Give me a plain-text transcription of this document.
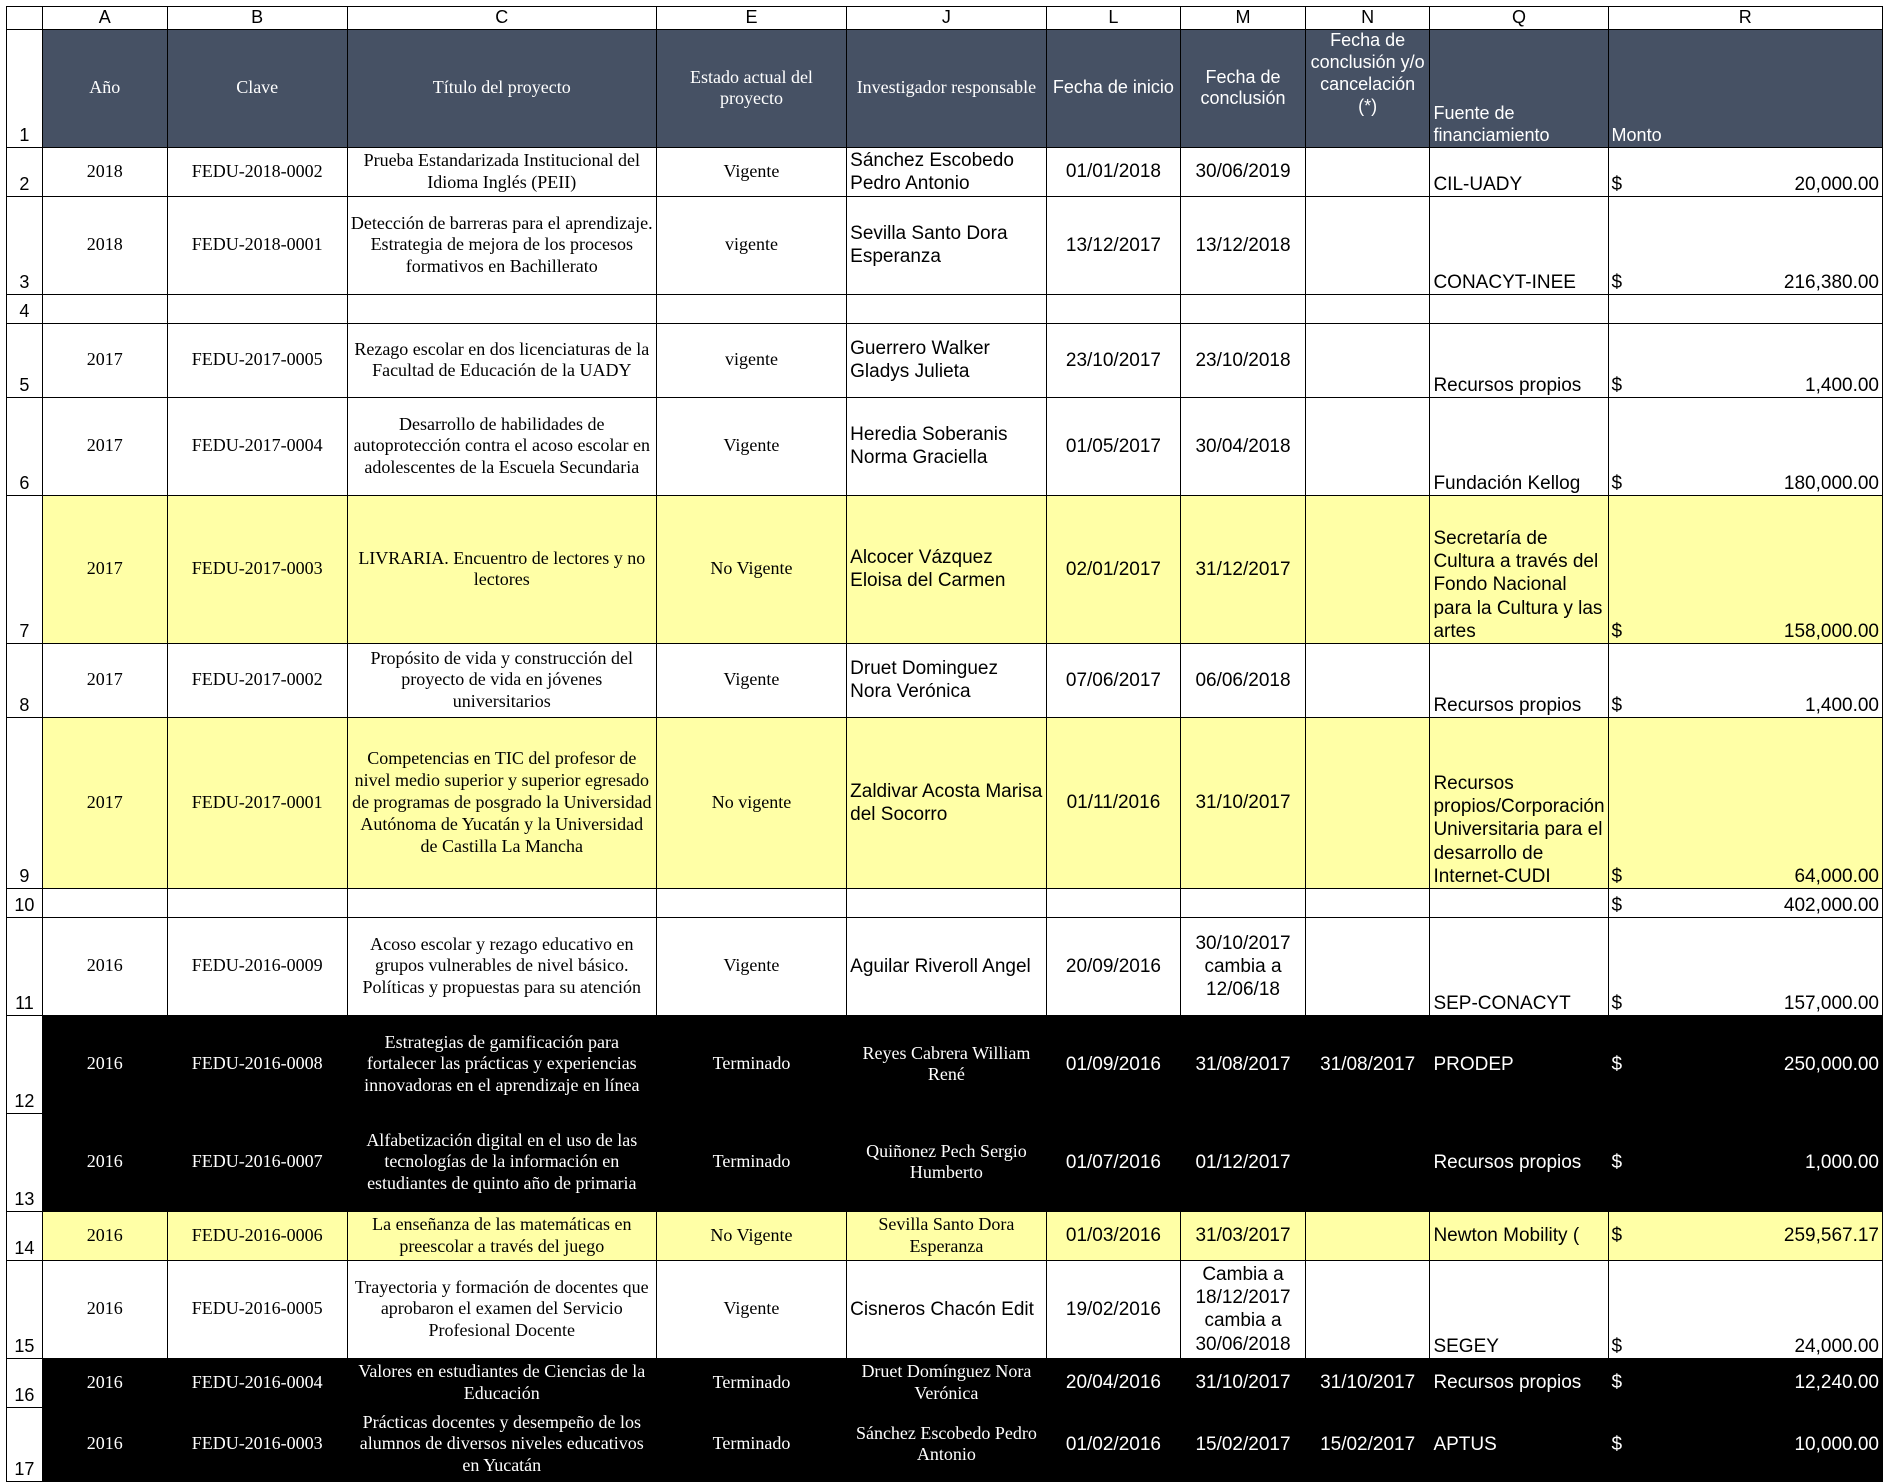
	A	B	C	E	J	L	M	N	Q	R
1	Año	Clave	Título del proyecto	Estado actual del proyecto	Investigador responsable	Fecha de inicio	Fecha de conclusión	Fecha de conclusión y/o cancelación (*)	Fuente de financiamiento	Monto
2	2018	FEDU-2018-0002	Prueba Estandarizada Institucional del Idioma Inglés (PEII)	Vigente	Sánchez Escobedo Pedro Antonio	01/01/2018	30/06/2019		CIL-UADY	$ 20,000.00

3	2018	FEDU-2018-0001	Detección de barreras para el aprendizaje. Estrategia de mejora de los procesos formativos en Bachillerato	vigente	Sevilla Santo Dora Esperanza	13/12/2017	13/12/2018		CONACYT-INEE	$ 216,380.00

4										

5	2017	FEDU-2017-0005	Rezago escolar en dos licenciaturas de la Facultad de Educación de la UADY	vigente	Guerrero Walker Gladys Julieta	23/10/2017	23/10/2018		Recursos propios	$ 1,400.00

6	2017	FEDU-2017-0004	Desarrollo de habilidades de autoprotección contra el acoso escolar en adolescentes de la Escuela Secundaria	Vigente	Heredia Soberanis Norma Graciella	01/05/2017	30/04/2018		Fundación Kellog	$ 180,000.00

7	2017	FEDU-2017-0003	LIVRARIA. Encuentro de lectores y no lectores	No Vigente	Alcocer Vázquez Eloisa del Carmen	02/01/2017	31/12/2017		Secretaría de Cultura a través del Fondo Nacional para la Cultura y las artes	$ 158,000.00

8	2017	FEDU-2017-0002	Propósito de vida y construcción del proyecto de vida en jóvenes universitarios	Vigente	Druet Dominguez Nora Verónica	07/06/2017	06/06/2018		Recursos propios	$ 1,400.00

9	2017	FEDU-2017-0001	Competencias en TIC del profesor de nivel medio superior y superior egresado de programas de posgrado la Universidad Autónoma de Yucatán y la Universidad de Castilla La Mancha	No vigente	Zaldivar Acosta Marisa del Socorro	01/11/2016	31/10/2017		Recursos propios/Corporación Universitaria para el desarrollo de Internet-CUDI	$ 64,000.00

10										$ 402,000.00

11	2016	FEDU-2016-0009	Acoso escolar y rezago educativo en grupos vulnerables de nivel básico. Políticas y propuestas para su atención	Vigente	Aguilar Riveroll Angel	20/09/2016	30/10/2017 cambia a 12/06/18		SEP-CONACYT	$ 157,000.00

12	2016	FEDU-2016-0008	Estrategias de gamificación para fortalecer las prácticas y experiencias innovadoras en el aprendizaje en línea	Terminado	Reyes Cabrera William René	01/09/2016	31/08/2017	31/08/2017	PRODEP	$ 250,000.00

13	2016	FEDU-2016-0007	Alfabetización digital en el uso de las tecnologías de la información en estudiantes de quinto año de primaria	Terminado	Quiñonez Pech Sergio Humberto	01/07/2016	01/12/2017		Recursos propios	$ 1,000.00

14	2016	FEDU-2016-0006	La enseñanza de las matemáticas en preescolar a través del juego	No Vigente	Sevilla Santo Dora Esperanza	01/03/2016	31/03/2017		Newton Mobility (	$ 259,567.17

15	2016	FEDU-2016-0005	Trayectoria y formación de docentes que aprobaron el examen del Servicio Profesional Docente	Vigente	Cisneros Chacón Edit	19/02/2016	Cambia a 18/12/2017 cambia a 30/06/2018		SEGEY	$ 24,000.00

16	2016	FEDU-2016-0004	Valores en estudiantes de Ciencias de la Educación	Terminado	Druet Domínguez Nora Verónica	20/04/2016	31/10/2017	31/10/2017	Recursos propios	$ 12,240.00

17	2016	FEDU-2016-0003	Prácticas docentes y desempeño de los alumnos de diversos niveles educativos en Yucatán	Terminado	Sánchez Escobedo Pedro Antonio	01/02/2016	15/02/2017	15/02/2017	APTUS	$ 10,000.00
